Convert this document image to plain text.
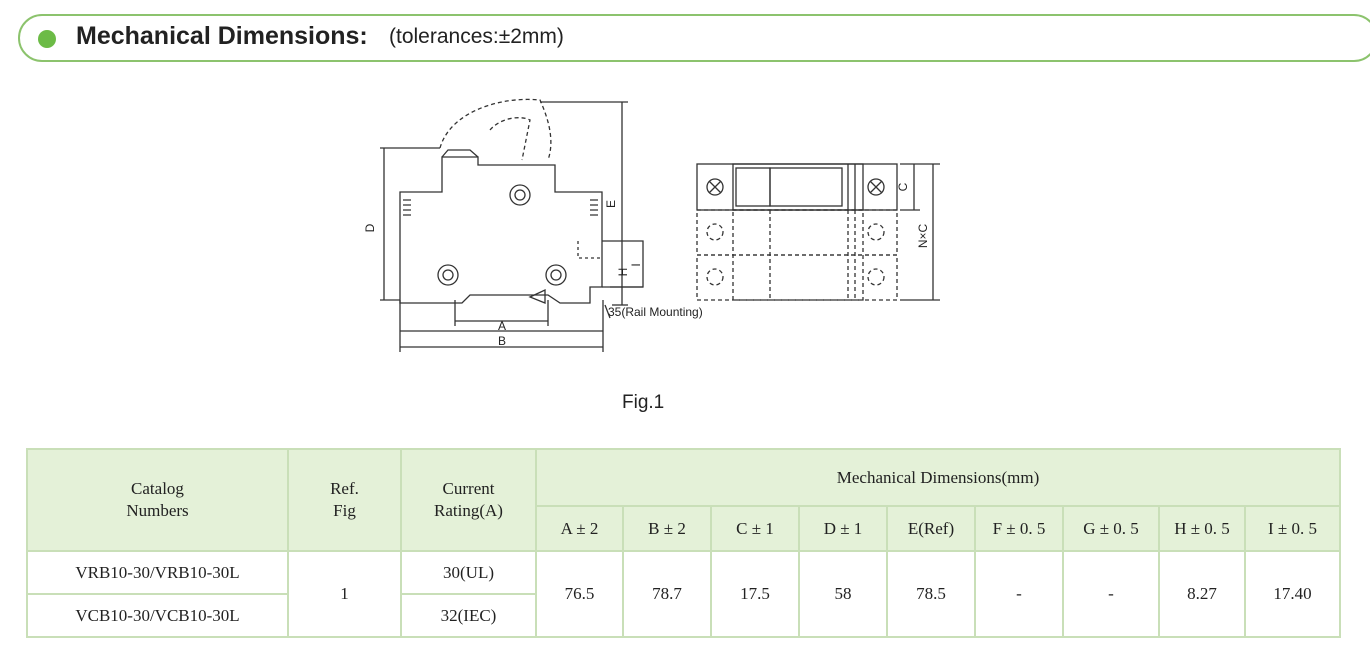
Mechanical Dimensions: (tolerances:±2mm)
D
E
H
I
A
B
35(Rail Mounting)
C
N×C
Fig.1
Catalog Numbers	Ref. Fig	Current Rating(A)	Mechanical Dimensions(mm)								
			A ± 2	B ± 2	C ± 1	D ± 1	E(Ref)	F ± 0. 5	G ± 0. 5	H ± 0. 5	I ± 0. 5
VRB10-30/VRB10-30L	1	30(UL)	76.5	78.7	17.5	58	78.5	-	-	8.27	17.40
VCB10-30/VCB10-30L		32(IEC)									
